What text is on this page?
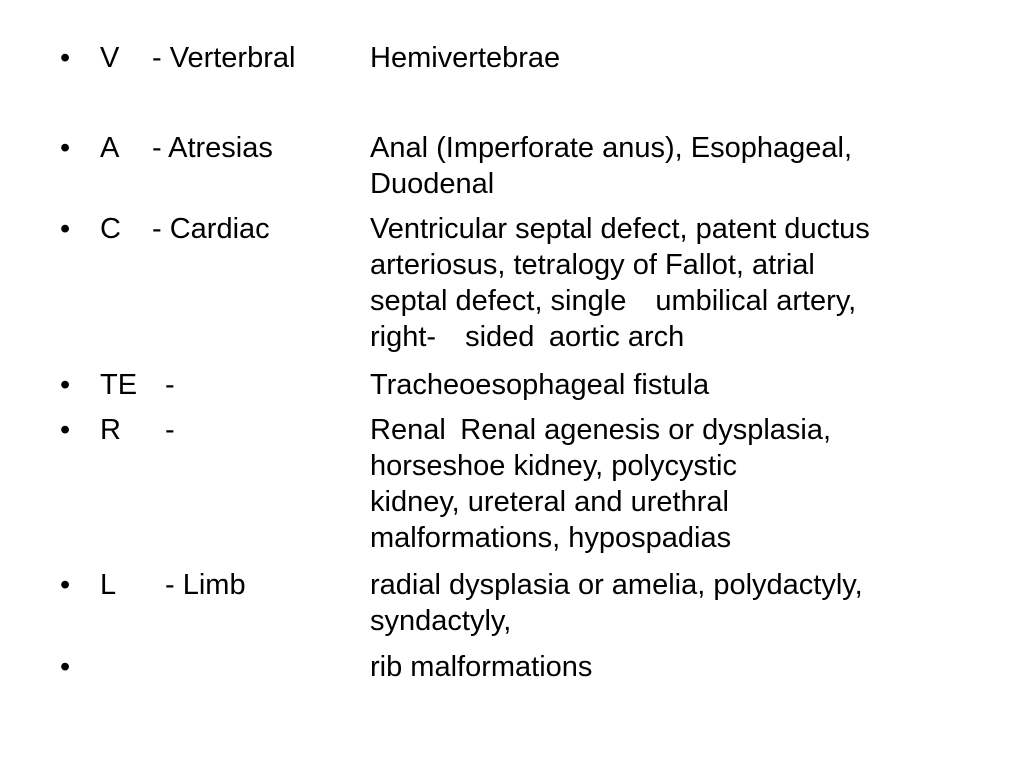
• V - Verterbral	Hemivertebrae
• A - Atresias	Anal (Imperforate anus), Esophageal,
Duodenal
• C - Cardiac	Ventricular septal defect, patent ductus
arteriosus, tetralogy of Fallot, atrial
septal defect, single umbilical artery,
right- sided aortic arch
• TE -	Tracheoesophageal fistula
• R -	Renal Renal agenesis or dysplasia,
horseshoe kidney, polycystic
kidney, ureteral and urethral
malformations, hypospadias
• L - Limb	radial dysplasia or amelia, polydactyly,
syndactyly,
•	rib malformations
